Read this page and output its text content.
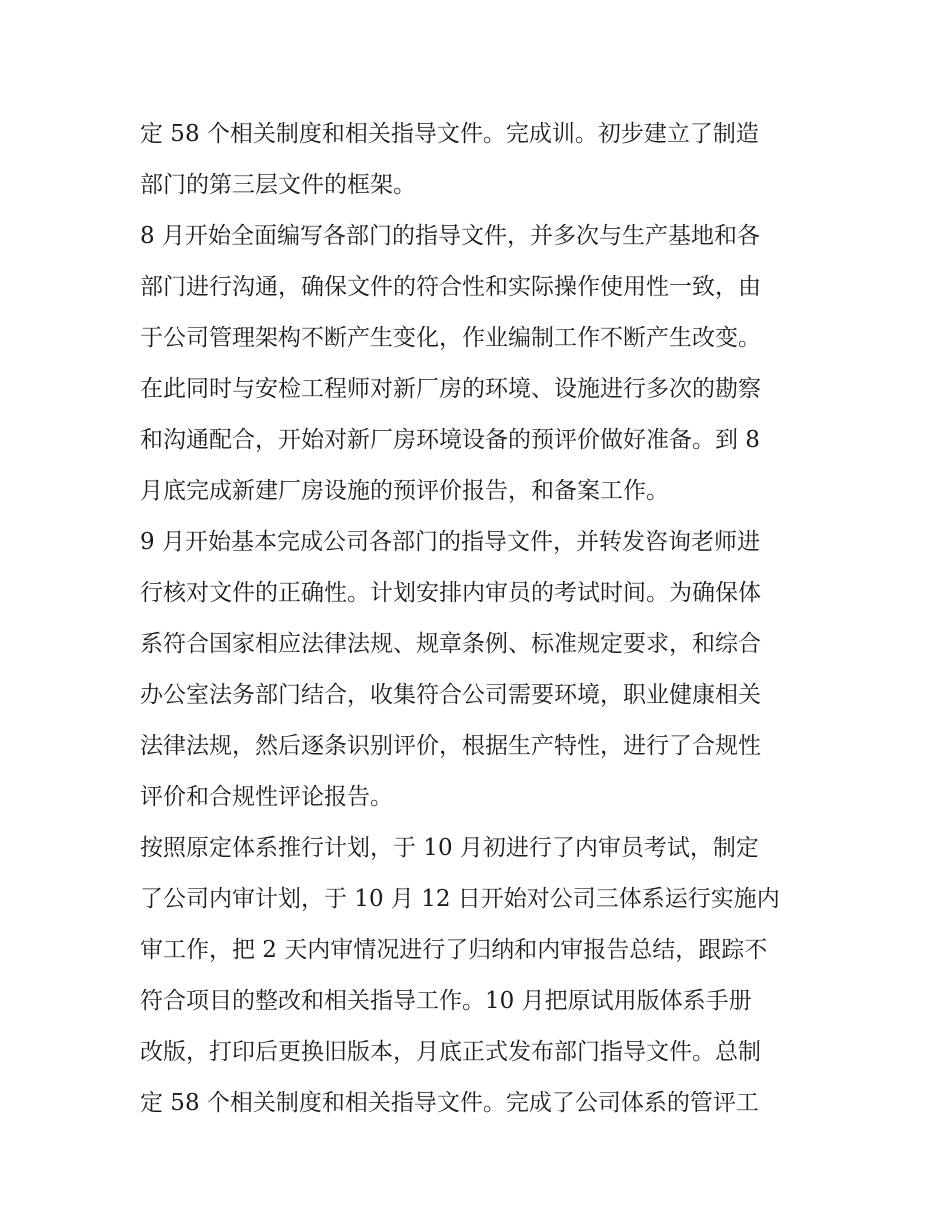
定 58 个相关制度和相关指导文件。完成训。初步建立了制造
部门的第三层文件的框架。
8 月开始全面编写各部门的指导文件，并多次与生产基地和各
部门进行沟通，确保文件的符合性和实际操作使用性一致，由
于公司管理架构不断产生变化，作业编制工作不断产生改变。
在此同时与安检工程师对新厂房的环境、设施进行多次的勘察
和沟通配合，开始对新厂房环境设备的预评价做好准备。到 8
月底完成新建厂房设施的预评价报告，和备案工作。
9 月开始基本完成公司各部门的指导文件，并转发咨询老师进
行核对文件的正确性。计划安排内审员的考试时间。为确保体
系符合国家相应法律法规、规章条例、标准规定要求，和综合
办公室法务部门结合，收集符合公司需要环境，职业健康相关
法律法规，然后逐条识别评价，根据生产特性，进行了合规性
评价和合规性评论报告。
按照原定体系推行计划，于 10 月初进行了内审员考试，制定
了公司内审计划，于 10 月 12 日开始对公司三体系运行实施内
审工作，把 2 天内审情况进行了归纳和内审报告总结，跟踪不
符合项目的整改和相关指导工作。10 月把原试用版体系手册
改版，打印后更换旧版本，月底正式发布部门指导文件。总制
定 58 个相关制度和相关指导文件。完成了公司体系的管评工
